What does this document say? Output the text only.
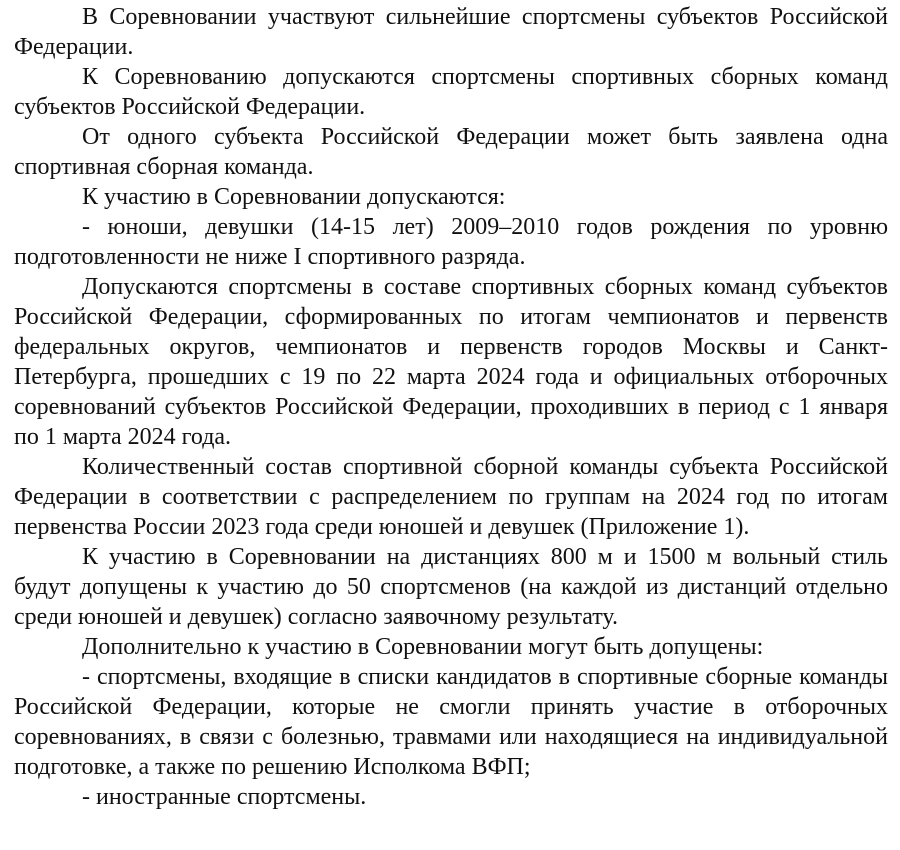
В Соревновании участвуют сильнейшие спортсмены субъектов Российской Федерации.

К Соревнованию допускаются спортсмены спортивных сборных команд субъектов Российской Федерации.

От одного субъекта Российской Федерации может быть заявлена одна спортивная сборная команда.

К участию в Соревновании допускаются:

- юноши, девушки (14-15 лет) 2009–2010 годов рождения по уровню подготовленности не ниже I спортивного разряда.

Допускаются спортсмены в составе спортивных сборных команд субъектов Российской Федерации, сформированных по итогам чемпионатов и первенств федеральных округов, чемпионатов и первенств городов Москвы и Санкт-Петербурга, прошедших с 19 по 22 марта 2024 года и официальных отборочных соревнований субъектов Российской Федерации, проходивших в период с 1 января по 1 марта 2024 года.

Количественный состав спортивной сборной команды субъекта Российской Федерации в соответствии с распределением по группам на 2024 год по итогам первенства России 2023 года среди юношей и девушек (Приложение 1).

К участию в Соревновании на дистанциях 800 м и 1500 м вольный стиль будут допущены к участию до 50 спортсменов (на каждой из дистанций отдельно среди юношей и девушек) согласно заявочному результату.

Дополнительно к участию в Соревновании могут быть допущены:

- спортсмены, входящие в списки кандидатов в спортивные сборные команды Российской Федерации, которые не смогли принять участие в отборочных соревнованиях, в связи с болезнью, травмами или находящиеся на индивидуальной подготовке, а также по решению Исполкома ВФП;

- иностранные спортсмены.
